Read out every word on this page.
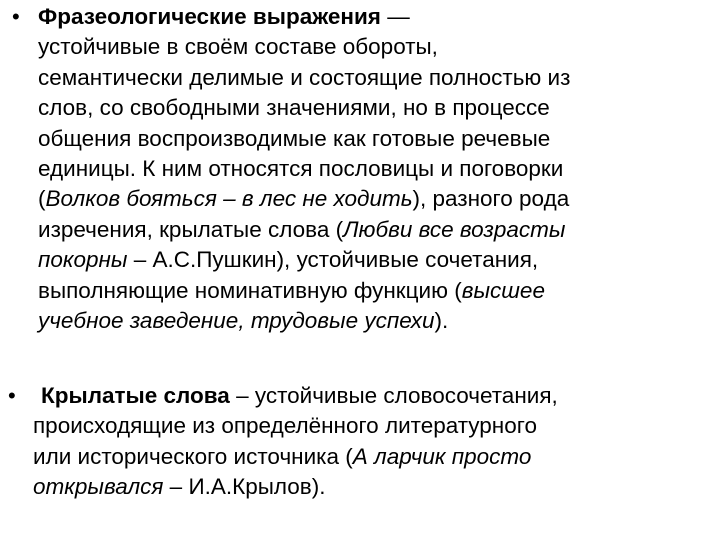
• Фразеологические выражения —
устойчивые в своём составе обороты,
семантически делимые и состоящие полностью из
слов, со свободными значениями, но в процессе
общения воспроизводимые как готовые речевые
единицы. К ним относятся пословицы и поговорки
(Волков бояться – в лес не ходить), разного рода
изречения, крылатые слова (Любви все возрасты
покорны – А.С.Пушкин), устойчивые сочетания,
выполняющие номинативную функцию (высшее
учебное заведение, трудовые успехи).
•	Крылатые слова – устойчивые словосочетания,
происходящие из определённого литературного
или исторического источника (А ларчик просто
открывался – И.А.Крылов).
